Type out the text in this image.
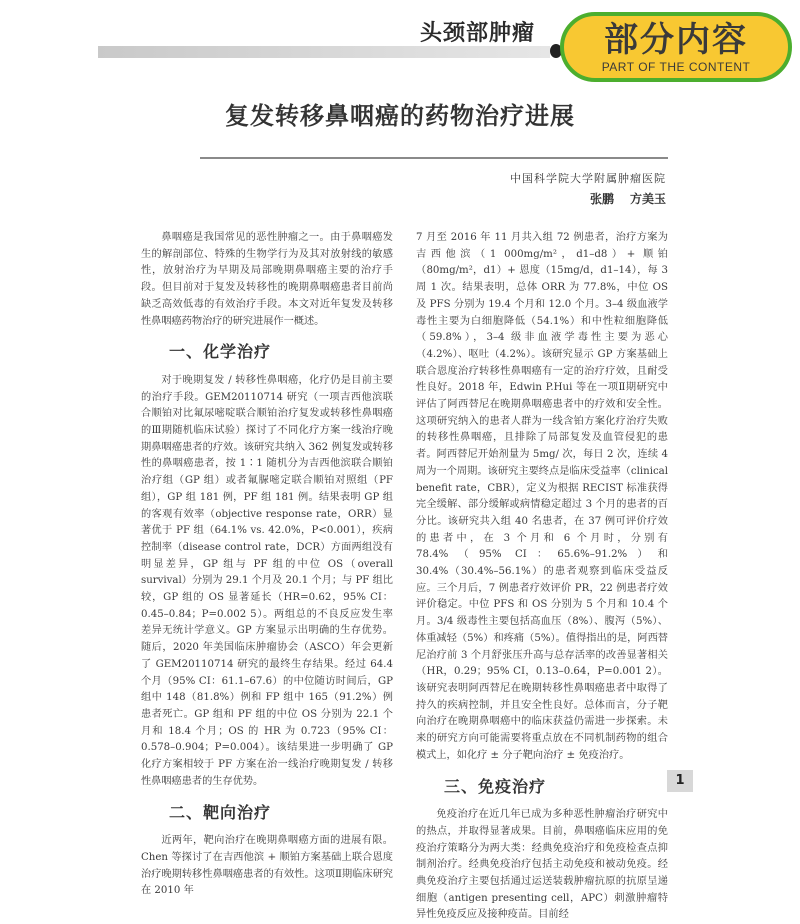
头颈部肿瘤	部分内容
PART OF THE CONTENT
复发转移鼻咽癌的药物治疗进展
中国科学院大学附属肿瘤医院
张鹏 方美玉

鼻咽癌是我国常见的恶性肿瘤之一。由于鼻咽癌发生的解剖部位、特殊的生物学行为及其对放射线的敏感性，放射治疗为早期及局部晚期鼻咽癌主要的治疗手段。但目前对于复发及转移性的晚期鼻咽癌患者目前尚缺乏高效低毒的有效治疗手段。本文对近年复发及转移性鼻咽癌药物治疗的研究进展作一概述。

一、化学治疗

对于晚期复发 / 转移性鼻咽癌，化疗仍是目前主要的治疗手段。GEM20110714 研究（一项吉西他滨联合顺铂对比氟尿嘧啶联合顺铂治疗复发或转移性鼻咽癌的Ⅲ期随机临床试验）探讨了不同化疗方案一线治疗晚期鼻咽癌患者的疗效。该研究共纳入 362 例复发或转移性的鼻咽癌患者，按 1∶1 随机分为吉西他滨联合顺铂治疗组（GP 组）或者氟脲嘧定联合顺铂对照组（PF 组），GP 组 181 例，PF 组 181 例。结果表明 GP 组的客观有效率（objective response rate，ORR）显著优于 PF 组（64.1% vs. 42.0%，P<0.001），疾病控制率（disease control rate，DCR）方面两组没有明显差异，GP 组与 PF 组的中位 OS（overall survival）分别为 29.1 个月及 20.1 个月；与 PF 组比较，GP 组的 OS 显著延长（HR=0.62，95% CI：0.45–0.84；P=0.002 5）。两组总的不良反应发生率差异无统计学意义。GP 方案显示出明确的生存优势。随后，2020 年美国临床肿瘤协会（ASCO）年会更新了 GEM20110714 研究的最终生存结果。经过 64.4 个月（95% CI：61.1–67.6）的中位随访时间后，GP 组中 148（81.8%）例和 FP 组中 165（91.2%）例患者死亡。GP 组和 PF 组的中位 OS 分别为 22.1 个月和 18.4 个月；OS 的 HR 为 0.723（95% CI：0.578–0.904；P=0.004）。该结果进一步明确了 GP 化疗方案相较于 PF 方案在治一线治疗晚期复发 / 转移性鼻咽癌患者的生存优势。

二、靶向治疗

近两年，靶向治疗在晚期鼻咽癌方面的进展有限。Chen 等探讨了在吉西他滨 + 顺铂方案基础上联合恩度治疗晚期转移性鼻咽癌患者的有效性。这项Ⅱ期临床研究在 2010 年

7 月至 2016 年 11 月共入组 72 例患者，治疗方案为吉西他滨（1 000mg/m²，d1–d8）+ 顺铂（80mg/m²，d1）+ 恩度（15mg/d，d1–14），每 3 周 1 次。结果表明，总体 ORR 为 77.8%，中位 OS 及 PFS 分别为 19.4 个月和 12.0 个月。3–4 级血液学毒性主要为白细胞降低（54.1%）和中性粒细胞降低（59.8%），3–4 级非血液学毒性主要为恶心（4.2%）、呕吐（4.2%）。该研究显示 GP 方案基础上联合恩度治疗转移性鼻咽癌有一定的治疗疗效，且耐受性良好。2018 年，Edwin P.Hui 等在一项Ⅱ期研究中评估了阿西替尼在晚期鼻咽癌患者中的疗效和安全性。这项研究纳入的患者人群为一线含铂方案化疗治疗失败的转移性鼻咽癌，且排除了局部复发及血管侵犯的患者。阿西替尼开始剂量为 5mg/ 次，每日 2 次，连续 4 周为一个周期。该研究主要终点是临床受益率（clinical benefit rate，CBR），定义为根据 RECIST 标准获得完全缓解、部分缓解或病情稳定超过 3 个月的患者的百分比。该研究共入组 40 名患者，在 37 例可评价疗效的患者中，在 3 个月和 6 个月时，分别有 78.4%（95% CI：65.6%–91.2%）和 30.4%（30.4%–56.1%）的患者观察到临床受益反应。三个月后，7 例患者疗效评价 PR，22 例患者疗效评价稳定。中位 PFS 和 OS 分别为 5 个月和 10.4 个月。3/4 级毒性主要包括高血压（8%）、腹泻（5%）、体重减轻（5%）和疼痛（5%）。值得指出的是，阿西替尼治疗前 3 个月舒张压升高与总存活率的改善显著相关（HR，0.29；95% CI，0.13–0.64，P=0.001 2）。该研究表明阿西替尼在晚期转移性鼻咽癌患者中取得了持久的疾病控制，并且安全性良好。总体而言，分子靶向治疗在晚期鼻咽癌中的临床获益仍需进一步探索。未来的研究方向可能需要将重点放在不同机制药物的组合模式上，如化疗 ± 分子靶向治疗 ± 免疫治疗。

三、免疫治疗

免疫治疗在近几年已成为多种恶性肿瘤治疗研究中的热点，并取得显著成果。目前，鼻咽癌临床应用的免疫治疗策略分为两大类：经典免疫治疗和免疫检查点抑制剂治疗。经典免疫治疗包括主动免疫和被动免疫。经典免疫治疗主要包括通过运送装载肿瘤抗原的抗原呈递细胞（antigen presenting cell，APC）刺激肿瘤特异性免疫反应及接种疫苗。目前经

1
